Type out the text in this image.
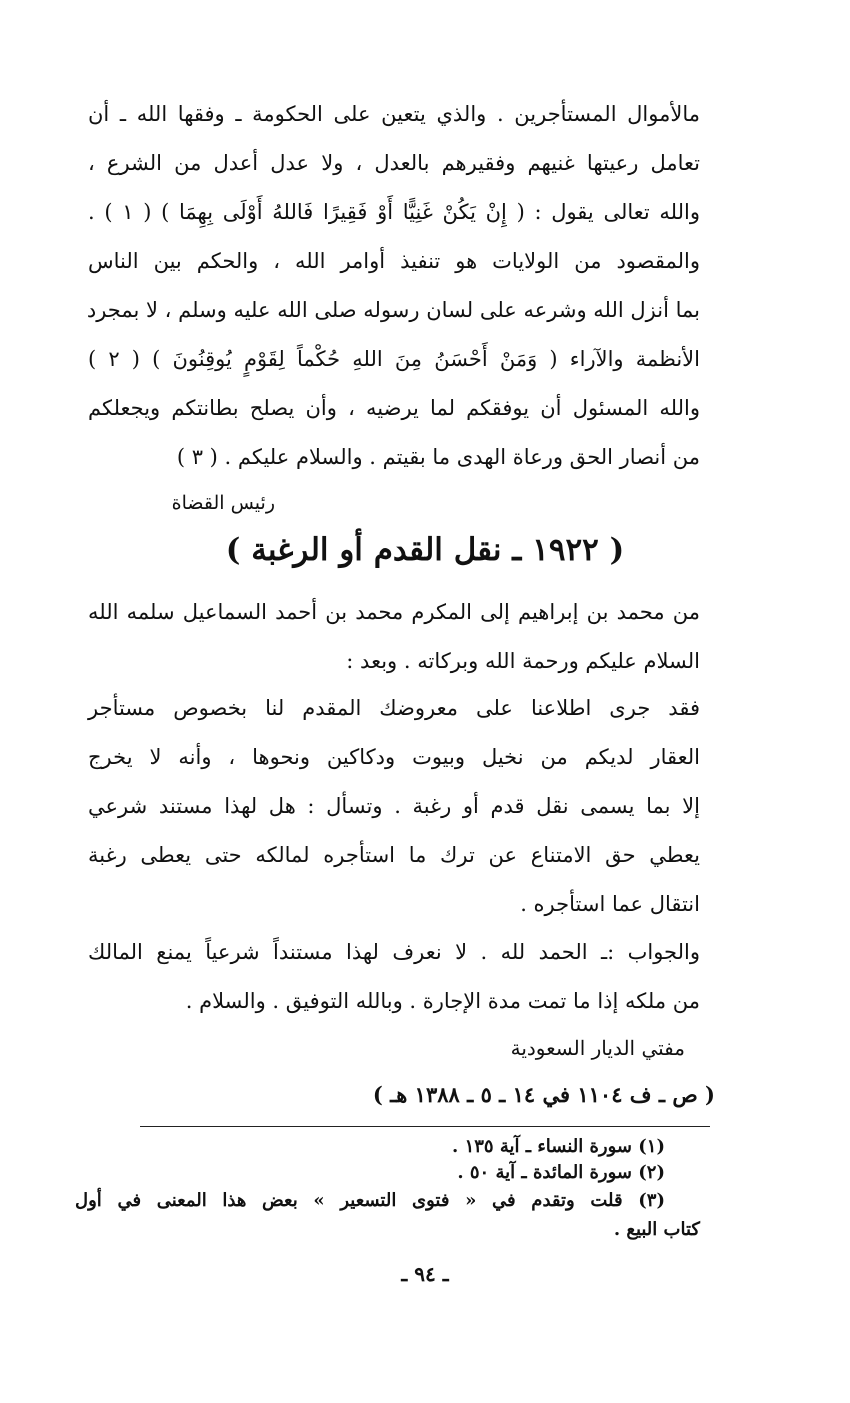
مالأموال المستأجرين . والذي يتعين على الحكومة ـ وفقها الله ـ أن
تعامل رعيتها غنيهم وفقيرهم بالعدل ، ولا عدل أعدل من الشرع ،
والله تعالى يقول : ( إِنْ يَكُنْ غَنِيًّا أَوْ فَقِيرًا فَاللهُ أَوْلَى بِهِمَا ) ( ١ ) .
والمقصود من الولايات هو تنفيذ أوامر الله ، والحكم بين الناس
بما أنزل الله وشرعه على لسان رسوله صلى الله عليه وسلم ، لا بمجرد
الأنظمة والآراء ( وَمَنْ أَحْسَنُ مِنَ اللهِ حُكْماً لِقَوْمٍ يُوقِنُونَ ) ( ٢ )
والله المسئول أن يوفقكم لما يرضيه ، وأن يصلح بطانتكم ويجعلكم
من أنصار الحق ورعاة الهدى ما بقيتم . والسلام عليكم . ( ٣ )

رئيس القضاة
( ١٩٢٢ ـ نقل القدم أو الرغبة )

من محمد بن إبراهيم إلى المكرم محمد بن أحمد السماعيل سلمه الله
السلام عليكم ورحمة الله وبركاته . وبعد :

فقد جرى اطلاعنا على معروضك المقدم لنا بخصوص مستأجر
العقار لديكم من نخيل وبيوت ودكاكين ونحوها ، وأنه لا يخرج
إلا بما يسمى نقل قدم أو رغبة . وتسأل : هل لهذا مستند شرعي
يعطي حق الامتناع عن ترك ما استأجره لمالكه حتى يعطى رغبة
انتقال عما استأجره .

والجواب :ـ الحمد لله . لا نعرف لهذا مستنداً شرعياً يمنع المالك
من ملكه إذا ما تمت مدة الإجارة . وبالله التوفيق . والسلام .

مفتي الديار السعودية
( ص ـ ف ١١٠٤ في ١٤ ـ ٥ ـ ١٣٨٨ هـ )
(١) سورة النساء ـ آية ١٣٥ .
(٢) سورة المائدة ـ آية ٥٠ .
(٣) قلت وتقدم في « فتوى التسعير » بعض هذا المعنى في أول
كتاب البيع .
ـ ٩٤ ـ
